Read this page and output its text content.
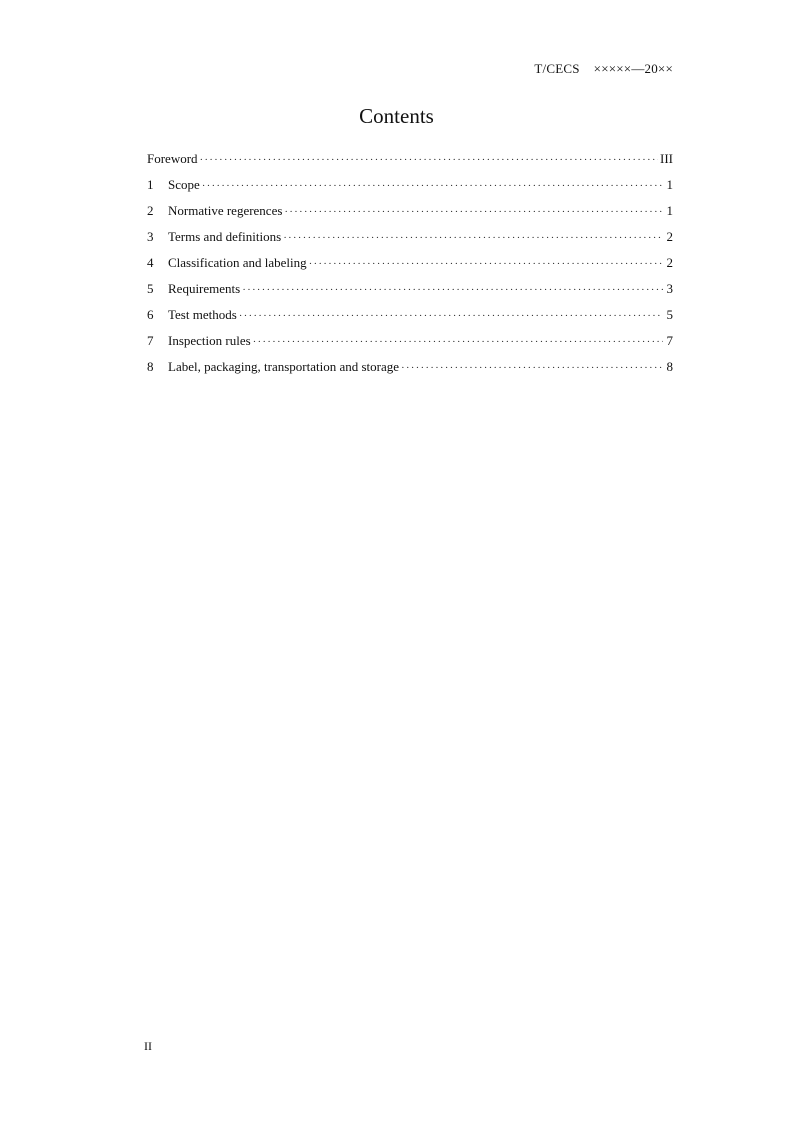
T/CECS ×××××—20××
Contents
Foreword ·····	III
1	Scope ·····	1
2	Normative regerences ·····	1
3	Terms and definitions ·····	2
4	Classification and labeling ·····	2
5	Requirements ·····	3
6	Test methods ·····	5
7	Inspection rules ·····	7
8	Label, packaging, transportation and storage ·····	8
II
